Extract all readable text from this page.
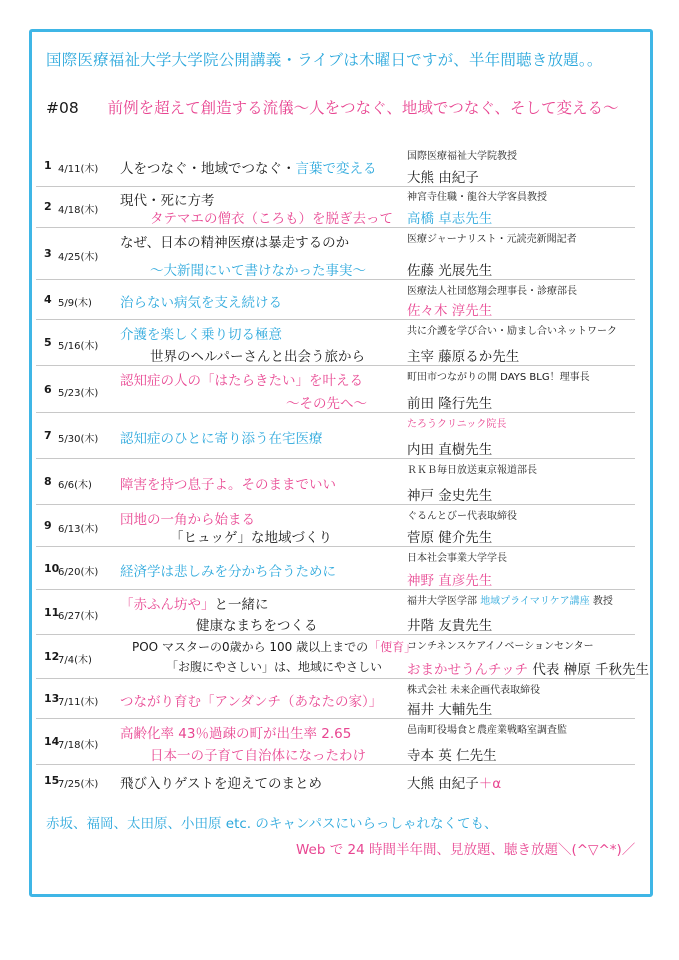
国際医療福祉大学大学院公開講義・ライブは木曜日ですが、半年間聴き放題。。
#08 前例を超えて創造する流儀〜人をつなぐ、地域でつなぐ、そして変える〜
1 4/11(木) 人をつなぐ・地域でつなぐ・言葉で変える
国際医療福祉大学院教授
大熊 由紀子
2 4/18(木)
現代・死に方考
タテマエの僧衣（ころも）を脱ぎ去って
神宮寺住職・龍谷大学客員教授
高橋 卓志先生
3 4/25(木)
なぜ、日本の精神医療は暴走するのか
〜大新聞にいて書けなかった事実〜
医療ジャーナリスト・元読売新聞記者
佐藤 光展先生
4 5/9(木) 治らない病気を支え続ける
医療法人社団悠翔会理事長・診療部長
佐々木 淳先生
5 5/16(木)
介護を楽しく乗り切る極意
世界のヘルパーさんと出会う旅から
共に介護を学び合い・励まし合いネットワーク
主宰 藤原るか先生
6 5/23(木)
認知症の人の「はたらきたい」を叶える
〜その先へ〜
町田市つながりの開 DAYS BLG！理事長
前田 隆行先生
7 5/30(木) 認知症のひとに寄り添う在宅医療
たろうクリニック院長
内田 直樹先生
8 6/6(木) 障害を持つ息子よ。そのままでいい
ＲＫＢ毎日放送東京報道部長
神戸 金史先生
9 6/13(木)
団地の一角から始まる
「ヒュッゲ」な地域づくり
ぐるんとびー代表取締役
菅原 健介先生
10
6/20(木) 経済学は悲しみを分かち合うために
日本社会事業大学学長
神野 直彦先生
11
6/27(木)
「赤ふん坊や」と一緒に
健康なまちをつくる
福井大学医学部 地域プライマリケア講座 教授
井階 友貴先生
12
7/4(木)
POO マスターの0歳から 100 歳以上までの「便育」
「お腹にやさしい」は、地域にやさしい
コンチネンスケアイノベーションセンター
おまかせうんチッチ 代表 榊原 千秋先生
13
7/11(木) つながり育む「アンダンチ（あなたの家）」
株式会社 未来企画代表取締役
福井 大輔先生
14
7/18(木)
高齢化率 43％過疎の町が出生率 2.65
日本一の子育て自治体になったわけ
邑南町役場食と農産業戦略室調査監
寺本 英 仁先生
15
7/25(木) 飛び入りゲストを迎えてのまとめ	大熊 由紀子＋α
赤坂、福岡、太田原、小田原 etc. のキャンパスにいらっしゃれなくても、
Web で 24 時間半年間、見放題、聴き放題＼(^▽^*)／
